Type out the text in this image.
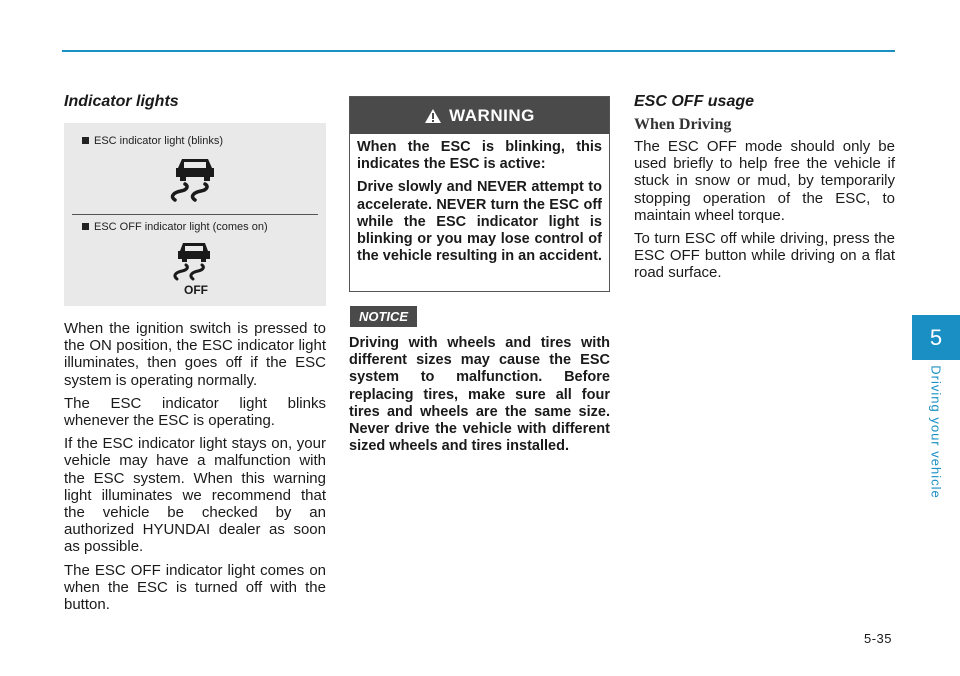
Indicator lights
ESC indicator light (blinks)
ESC OFF indicator light (comes on)
OFF

When the ignition switch is pressed to the ON position, the ESC indicator light illuminates, then goes off if the ESC system is operating normally.

The ESC indicator light blinks whenever the ESC is operating.

If the ESC indicator light stays on, your vehicle may have a malfunction with the ESC system. When this warning light illuminates we recommend that the vehicle be checked by an authorized HYUNDAI dealer as soon as possible.

The ESC OFF indicator light comes on when the ESC is turned off with the button.

WARNING

When the ESC is blinking, this indicates the ESC is active:

Drive slowly and NEVER attempt to accelerate. NEVER turn the ESC off while the ESC indicator light is blinking or you may lose control of the vehicle resulting in an accident.

NOTICE
Driving with wheels and tires with different sizes may cause the ESC system to malfunction. Before replacing tires, make sure all four tires and wheels are the same size. Never drive the vehicle with different sized wheels and tires installed.
ESC OFF usage
When Driving

The ESC OFF mode should only be used briefly to help free the vehicle if stuck in snow or mud, by temporarily stopping operation of the ESC, to maintain wheel torque.

To turn ESC off while driving, press the ESC OFF button while driving on a flat road surface.

5
Driving your vehicle
5-35
